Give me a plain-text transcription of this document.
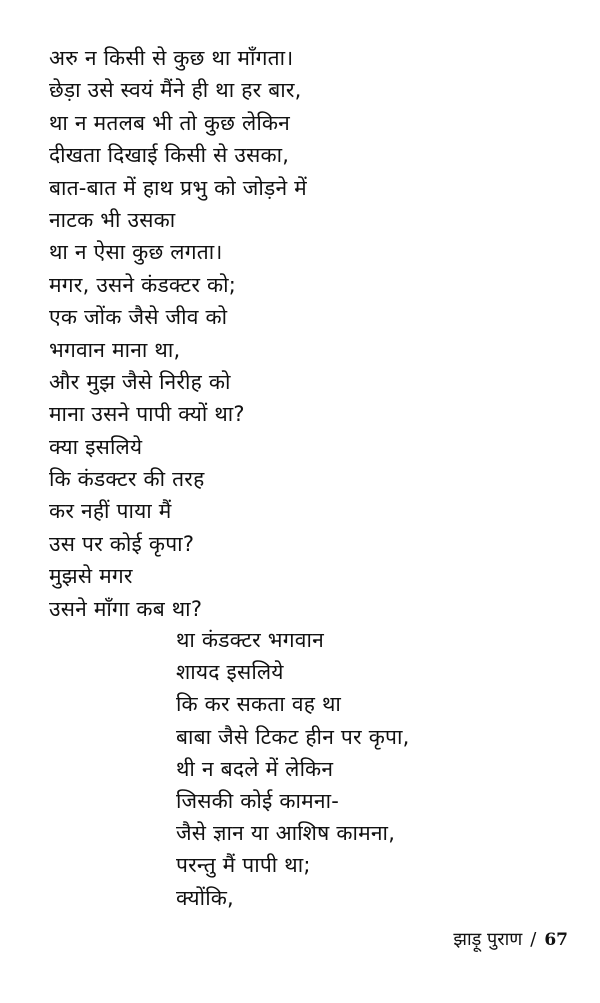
अरु न किसी से कुछ था माँगता।
छेड़ा उसे स्वयं मैंने ही था हर बार,
था न मतलब भी तो कुछ लेकिन
दीखता दिखाई किसी से उसका,
बात-बात में हाथ प्रभु को जोड़ने में
नाटक भी उसका
था न ऐसा कुछ लगता।
मगर, उसने कंडक्टर को;
एक जोंक जैसे जीव को
भगवान माना था,
और मुझ जैसे निरीह को
माना उसने पापी क्यों था?
क्या इसलिये
कि कंडक्टर की तरह
कर नहीं पाया मैं
उस पर कोई कृपा?
मुझसे मगर
उसने माँगा कब था?
था कंडक्टर भगवान
शायद इसलिये
कि कर सकता वह था
बाबा जैसे टिकट हीन पर कृपा,
थी न बदले में लेकिन
जिसकी कोई कामना-
जैसे ज्ञान या आशिष कामना,
परन्तु मैं पापी था;
क्योंकि,
झाड़ू पुराण / 67
